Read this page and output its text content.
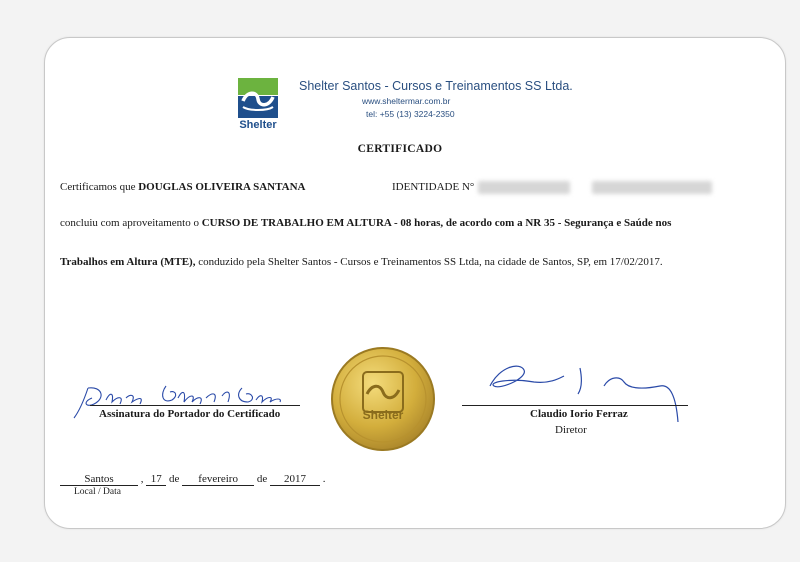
Shelter
Shelter Santos - Cursos e Treinamentos SS Ltda.
www.sheltermar.com.br
tel: +55 (13) 3224-2350
CERTIFICADO
Certificamos que DOUGLAS OLIVEIRA SANTANA	IDENTIDADE N°
concluiu com aproveitamento o CURSO DE TRABALHO EM ALTURA - 08 horas, de acordo com a NR 35 - Segurança e Saúde nos
Trabalhos em Altura (MTE), conduzido pela Shelter Santos - Cursos e Treinamentos SS Ltda, na cidade de Santos, SP, em 17/02/2017.
Assinatura do Portador do Certificado	Shelter	Claudio Iorio Ferraz
Diretor
Santos , 17 de fevereiro de 2017 .
Local / Data
